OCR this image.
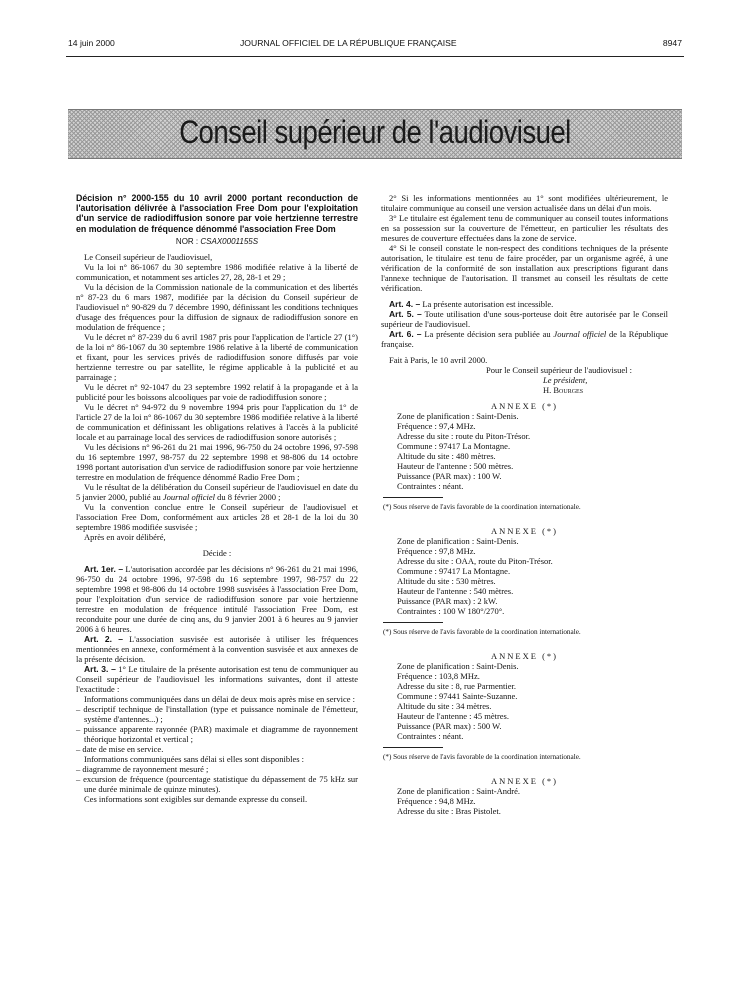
14 juin 2000	JOURNAL OFFICIEL DE LA RÉPUBLIQUE FRANÇAISE	8947
Conseil supérieur de l'audiovisuel

Décision n° 2000-155 du 10 avril 2000 portant reconduction de l'autorisation délivrée à l'association Free Dom pour l'exploitation d'un service de radiodiffusion sonore par voie hertzienne terrestre en modulation de fréquence dénommé l'association Free Dom

NOR : CSAX0001155S

Le Conseil supérieur de l'audiovisuel,

Vu la loi n° 86-1067 du 30 septembre 1986 modifiée relative à la liberté de communication, et notamment ses articles 27, 28, 28-1 et 29 ;

Vu la décision de la Commission nationale de la communication et des libertés n° 87-23 du 6 mars 1987, modifiée par la décision du Conseil supérieur de l'audiovisuel n° 90-829 du 7 décembre 1990, définissant les conditions techniques d'usage des fréquences pour la diffusion de signaux de radiodiffusion sonore en modulation de fréquence ;

Vu le décret n° 87-239 du 6 avril 1987 pris pour l'application de l'article 27 (1°) de la loi n° 86-1067 du 30 septembre 1986 relative à la liberté de communication et fixant, pour les services privés de radiodiffusion sonore diffusés par voie hertzienne terrestre ou par satellite, le régime applicable à la publicité et au parrainage ;

Vu le décret n° 92-1047 du 23 septembre 1992 relatif à la propagande et à la publicité pour les boissons alcooliques par voie de radiodiffusion sonore ;

Vu le décret n° 94-972 du 9 novembre 1994 pris pour l'application du 1° de l'article 27 de la loi n° 86-1067 du 30 septembre 1986 modifiée relative à la liberté de communication et définissant les obligations relatives à l'accès à la publicité locale et au parrainage local des services de radiodiffusion sonore autorisés ;

Vu les décisions n° 96-261 du 21 mai 1996, 96-750 du 24 octobre 1996, 97-598 du 16 septembre 1997, 98-757 du 22 septembre 1998 et 98-806 du 14 octobre 1998 portant autorisation d'un service de radiodiffusion sonore par voie hertzienne terrestre en modulation de fréquence dénommé Radio Free Dom ;

Vu le résultat de la délibération du Conseil supérieur de l'audiovisuel en date du 5 janvier 2000, publié au Journal officiel du 8 février 2000 ;

Vu la convention conclue entre le Conseil supérieur de l'audiovisuel et l'association Free Dom, conformément aux articles 28 et 28-1 de la loi du 30 septembre 1986 modifiée susvisée ;

Après en avoir délibéré,

Décide :

Art. 1er. – L'autorisation accordée par les décisions n° 96-261 du 21 mai 1996, 96-750 du 24 octobre 1996, 97-598 du 16 septembre 1997, 98-757 du 22 septembre 1998 et 98-806 du 14 octobre 1998 susvisées à l'association Free Dom, pour l'exploitation d'un service de radiodiffusion sonore par voie hertzienne terrestre en modulation de fréquence intitulé l'association Free Dom, est reconduite pour une durée de cinq ans, du 9 janvier 2001 à 6 heures au 9 janvier 2006 à 6 heures.

Art. 2. – L'association susvisée est autorisée à utiliser les fréquences mentionnées en annexe, conformément à la convention susvisée et aux annexes de la présente décision.

Art. 3. – 1° Le titulaire de la présente autorisation est tenu de communiquer au Conseil supérieur de l'audiovisuel les informations suivantes, dont il atteste l'exactitude :

Informations communiquées dans un délai de deux mois après mise en service :

– descriptif technique de l'installation (type et puissance nominale de l'émetteur, système d'antennes...) ;

– puissance apparente rayonnée (PAR) maximale et diagramme de rayonnement théorique horizontal et vertical ;

– date de mise en service.

Informations communiquées sans délai si elles sont disponibles :

– diagramme de rayonnement mesuré ;

– excursion de fréquence (pourcentage statistique du dépassement de 75 kHz sur une durée minimale de quinze minutes).

Ces informations sont exigibles sur demande expresse du conseil.

2° Si les informations mentionnées au 1° sont modifiées ultérieurement, le titulaire communique au conseil une version actualisée dans un délai d'un mois.

3° Le titulaire est également tenu de communiquer au conseil toutes informations en sa possession sur la couverture de l'émetteur, en particulier les résultats des mesures de couverture effectuées dans la zone de service.

4° Si le conseil constate le non-respect des conditions techniques de la présente autorisation, le titulaire est tenu de faire procéder, par un organisme agréé, à une vérification de la conformité de son installation aux prescriptions figurant dans l'annexe technique de l'autorisation. Il transmet au conseil les résultats de cette vérification.

Art. 4. – La présente autorisation est incessible.

Art. 5. – Toute utilisation d'une sous-porteuse doit être autorisée par le Conseil supérieur de l'audiovisuel.

Art. 6. – La présente décision sera publiée au Journal officiel de la République française.

Fait à Paris, le 10 avril 2000.

Pour le Conseil supérieur de l'audiovisuel :

Le président,

H. Bourges

ANNEXE (*)

Zone de planification : Saint-Denis.

Fréquence : 97,4 MHz.

Adresse du site : route du Piton-Trésor.

Commune : 97417 La Montagne.

Altitude du site : 480 mètres.

Hauteur de l'antenne : 500 mètres.

Puissance (PAR max) : 100 W.

Contraintes : néant.

(*) Sous réserve de l'avis favorable de la coordination internationale.

ANNEXE (*)

Zone de planification : Saint-Denis.

Fréquence : 97,8 MHz.

Adresse du site : OAA, route du Piton-Trésor.

Commune : 97417 La Montagne.

Altitude du site : 530 mètres.

Hauteur de l'antenne : 540 mètres.

Puissance (PAR max) : 2 kW.

Contraintes : 100 W 180°/270°.

(*) Sous réserve de l'avis favorable de la coordination internationale.

ANNEXE (*)

Zone de planification : Saint-Denis.

Fréquence : 103,8 MHz.

Adresse du site : 8, rue Parmentier.

Commune : 97441 Sainte-Suzanne.

Altitude du site : 34 mètres.

Hauteur de l'antenne : 45 mètres.

Puissance (PAR max) : 500 W.

Contraintes : néant.

(*) Sous réserve de l'avis favorable de la coordination internationale.

ANNEXE (*)

Zone de planification : Saint-André.

Fréquence : 94,8 MHz.

Adresse du site : Bras Pistolet.
